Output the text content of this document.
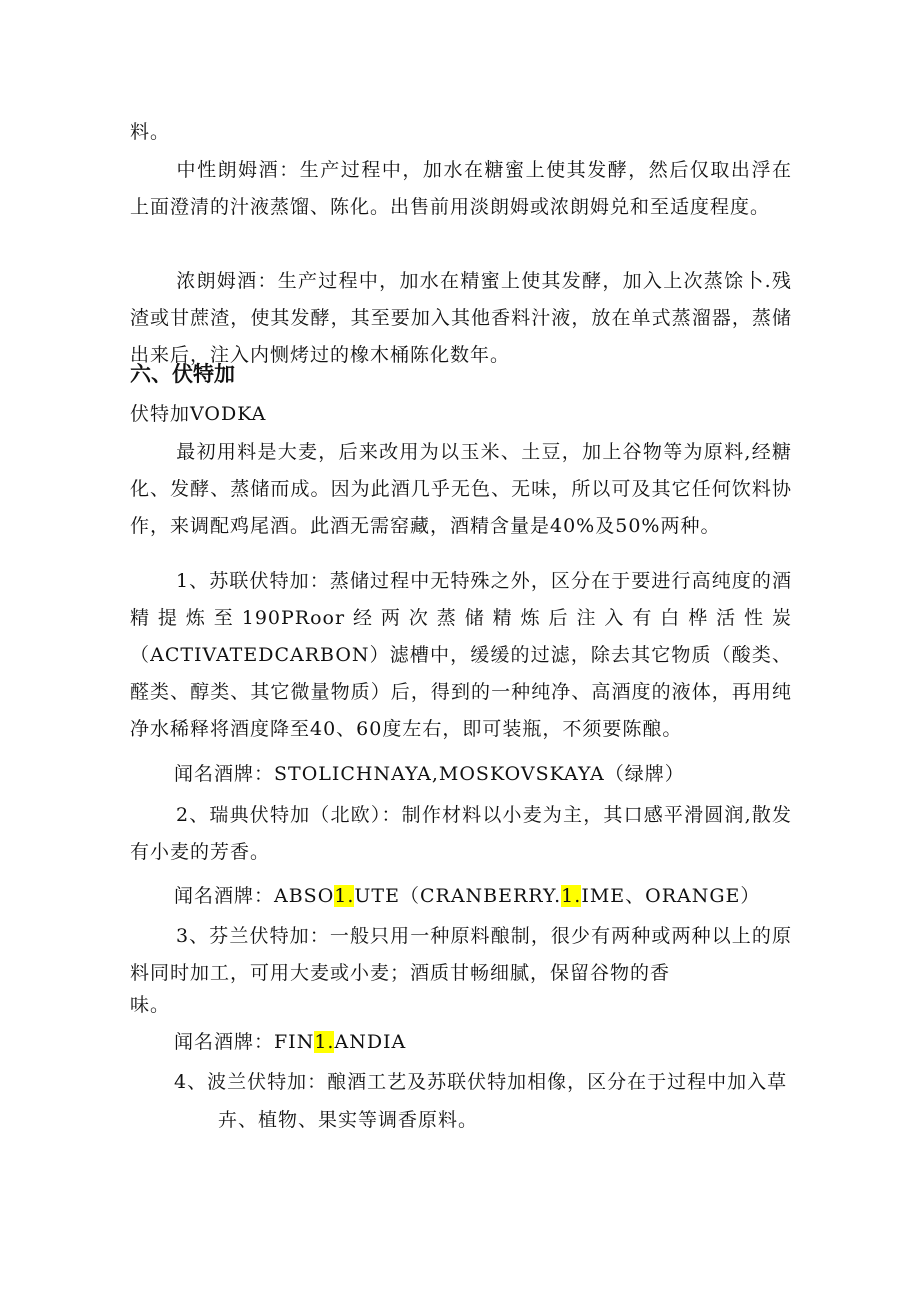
料。
中性朗姆酒：生产过程中，加水在糖蜜上使其发酵，然后仅取出浮在上面澄清的汁液蒸馏、陈化。出售前用淡朗姆或浓朗姆兑和至适度程度。
浓朗姆酒：生产过程中，加水在精蜜上使其发酵，加入上次蒸馀卜.残渣或甘蔗渣，使其发酵，其至要加入其他香料汁液，放在单式蒸溜器，蒸储出来后，注入内恻烤过的橡木桶陈化数年。
六、伏特加
伏特加VODKA
最初用料是大麦，后来改用为以玉米、土豆，加上谷物等为原料,经糖化、发酵、蒸储而成。因为此酒几乎无色、无味，所以可及其它任何饮料协作，来调配鸡尾酒。此酒无需窑藏，酒精含量是40%及50%两种。
1、苏联伏特加：蒸储过程中无特殊之外，区分在于要进行高纯度的酒精提炼至190PRoor经两次蒸储精炼后注入有白桦活性炭（ACTIVATEDCARBON）滤槽中，缓缓的过滤，除去其它物质（酸类、醛类、醇类、其它微量物质）后，得到的一种纯净、高酒度的液体，再用纯净水稀释将酒度降至40、60度左右，即可装瓶，不须要陈酿。
闻名酒牌：STOLICHNAYA,MOSKOVSKAYA（绿牌）
2、瑞典伏特加（北欧）：制作材料以小麦为主，其口感平滑圆润,散发有小麦的芳香。
闻名酒牌：ABSO1.UTE（CRANBERRY.1.IME、ORANGE）
3、芬兰伏特加：一般只用一种原料酿制，很少有两种或两种以上的原料同时加工，可用大麦或小麦；酒质甘畅细腻，保留谷物的香
味。
闻名酒牌：FIN1.ANDIA
4、波兰伏特加：酿酒工艺及苏联伏特加相像，区分在于过程中加入草
卉、植物、果实等调香原料。
